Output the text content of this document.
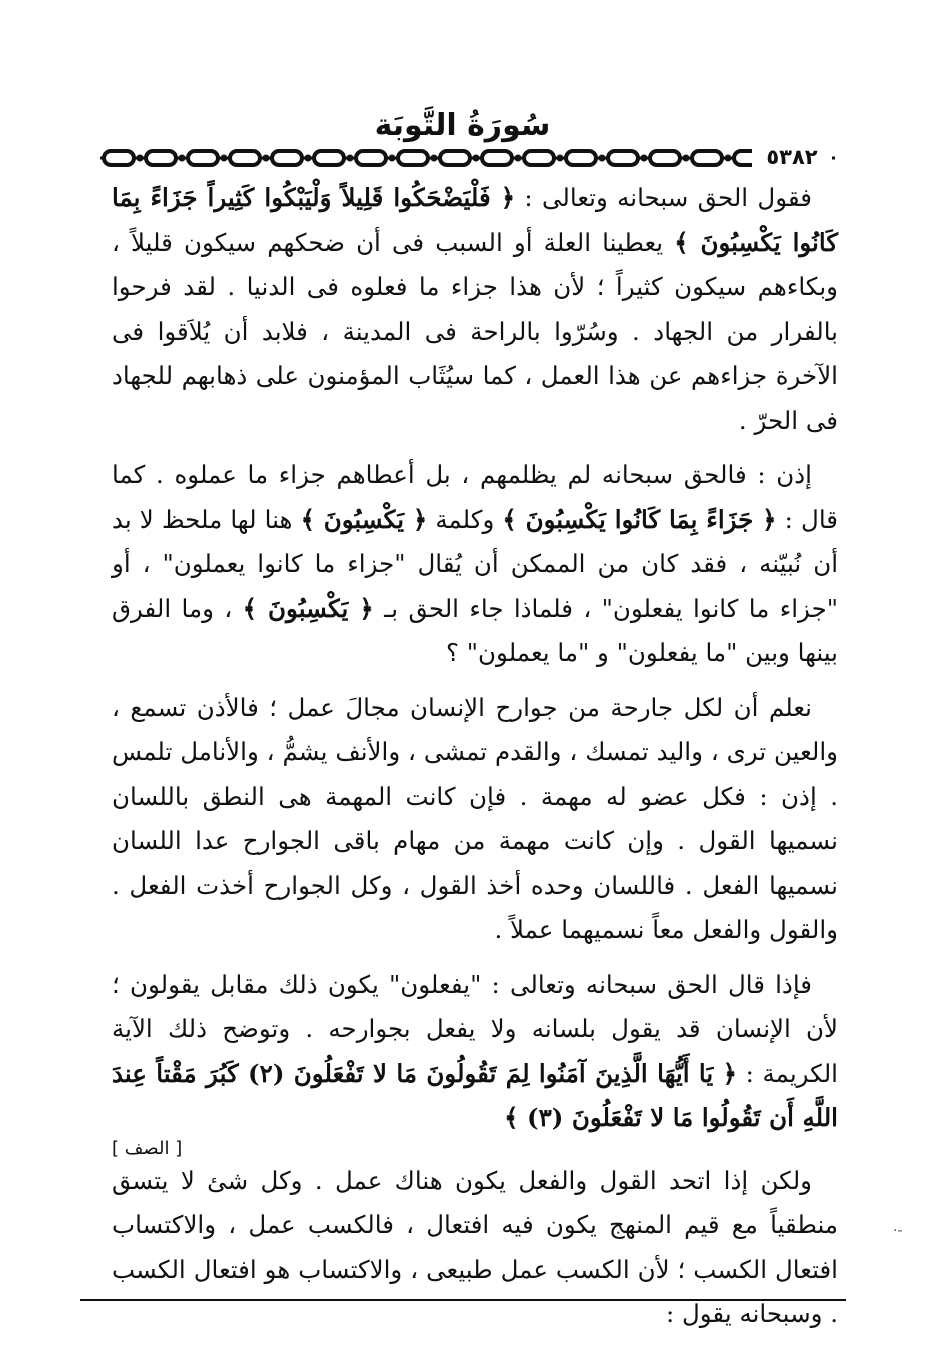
سُورَةُ التَّوبَة
٥٣٨٢

فقول الحق سبحانه وتعالى : ﴿ فَلْيَضْحَكُوا قَلِيلاً وَلْيَبْكُوا كَثِيراً جَزَاءً بِمَا كَانُوا يَكْسِبُونَ ﴾ يعطينا العلة أو السبب فى أن ضحكهم سيكون قليلاً ، وبكاءهم سيكون كثيراً ؛ لأن هذا جزاء ما فعلوه فى الدنيا . لقد فرحوا بالفرار من الجهاد . وسُرّوا بالراحة فى المدينة ، فلابد أن يُلاَقوا فى الآخرة جزاءهم عن هذا العمل ، كما سيُثَاب المؤمنون على ذهابهم للجهاد فى الحرّ .

إذن : فالحق سبحانه لم يظلمهم ، بل أعطاهم جزاء ما عملوه . كما قال : ﴿ جَزَاءً بِمَا كَانُوا يَكْسِبُونَ ﴾ وكلمة ﴿ يَكْسِبُونَ ﴾ هنا لها ملحظ لا بد أن نُبيّنه ، فقد كان من الممكن أن يُقال "جزاء ما كانوا يعملون" ، أو "جزاء ما كانوا يفعلون" ، فلماذا جاء الحق بـ ﴿ يَكْسِبُونَ ﴾ ، وما الفرق بينها وبين "ما يفعلون" و "ما يعملون" ؟

نعلم أن لكل جارحة من جوارح الإنسان مجالَ عمل ؛ فالأذن تسمع ، والعين ترى ، واليد تمسك ، والقدم تمشى ، والأنف يشمُّ ، والأنامل تلمس . إذن : فكل عضو له مهمة . فإن كانت المهمة هى النطق باللسان نسميها القول . وإن كانت مهمة من مهام باقى الجوارح عدا اللسان نسميها الفعل . فاللسان وحده أخذ القول ، وكل الجوارح أخذت الفعل . والقول والفعل معاً نسميهما عملاً .

فإذا قال الحق سبحانه وتعالى : "يفعلون" يكون ذلك مقابل يقولون ؛ لأن الإنسان قد يقول بلسانه ولا يفعل بجوارحه . وتوضح ذلك الآية الكريمة : ﴿ يَا أَيُّهَا الَّذِينَ آمَنُوا لِمَ تَقُولُونَ مَا لا تَفْعَلُونَ (٢) كَبُرَ مَقْتاً عِندَ اللَّهِ أَن تَقُولُوا مَا لا تَفْعَلُونَ (٣) ﴾

[ الصف ]

ولكن إذا اتحد القول والفعل يكون هناك عمل . وكل شئ لا يتسق منطقياً مع قيم المنهج يكون فيه افتعال ، فالكسب عمل ، والاكتساب افتعال الكسب ؛ لأن الكسب عمل طبيعى ، والاكتساب هو افتعال الكسب . وسبحانه يقول :

·-
